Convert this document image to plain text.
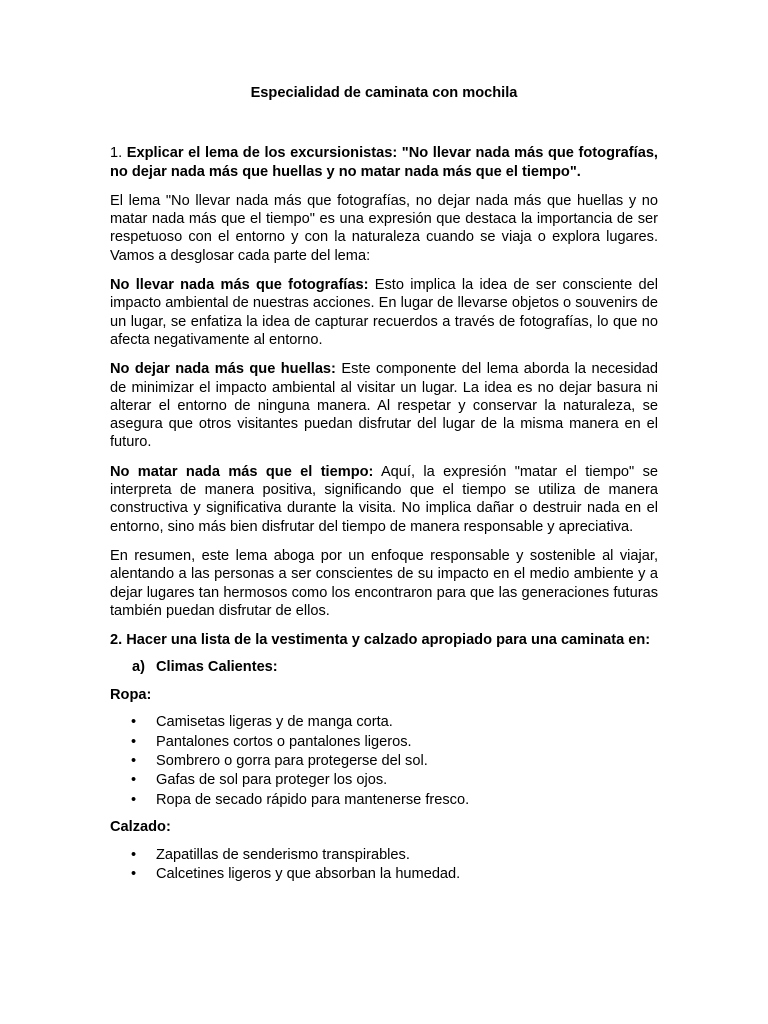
Especialidad de caminata con mochila
1. Explicar el lema de los excursionistas: "No llevar nada más que fotografías, no dejar nada más que huellas y no matar nada más que el tiempo".
El lema "No llevar nada más que fotografías, no dejar nada más que huellas y no matar nada más que el tiempo" es una expresión que destaca la importancia de ser respetuoso con el entorno y con la naturaleza cuando se viaja o explora lugares. Vamos a desglosar cada parte del lema:
No llevar nada más que fotografías: Esto implica la idea de ser consciente del impacto ambiental de nuestras acciones. En lugar de llevarse objetos o souvenirs de un lugar, se enfatiza la idea de capturar recuerdos a través de fotografías, lo que no afecta negativamente al entorno.
No dejar nada más que huellas: Este componente del lema aborda la necesidad de minimizar el impacto ambiental al visitar un lugar. La idea es no dejar basura ni alterar el entorno de ninguna manera. Al respetar y conservar la naturaleza, se asegura que otros visitantes puedan disfrutar del lugar de la misma manera en el futuro.
No matar nada más que el tiempo: Aquí, la expresión "matar el tiempo" se interpreta de manera positiva, significando que el tiempo se utiliza de manera constructiva y significativa durante la visita. No implica dañar o destruir nada en el entorno, sino más bien disfrutar del tiempo de manera responsable y apreciativa.
En resumen, este lema aboga por un enfoque responsable y sostenible al viajar, alentando a las personas a ser conscientes de su impacto en el medio ambiente y a dejar lugares tan hermosos como los encontraron para que las generaciones futuras también puedan disfrutar de ellos.
2. Hacer una lista de la vestimenta y calzado apropiado para una caminata en:
a) Climas Calientes:
Ropa:
• Camisetas ligeras y de manga corta.
• Pantalones cortos o pantalones ligeros.
• Sombrero o gorra para protegerse del sol.
• Gafas de sol para proteger los ojos.
• Ropa de secado rápido para mantenerse fresco.
Calzado:
• Zapatillas de senderismo transpirables.
• Calcetines ligeros y que absorban la humedad.
